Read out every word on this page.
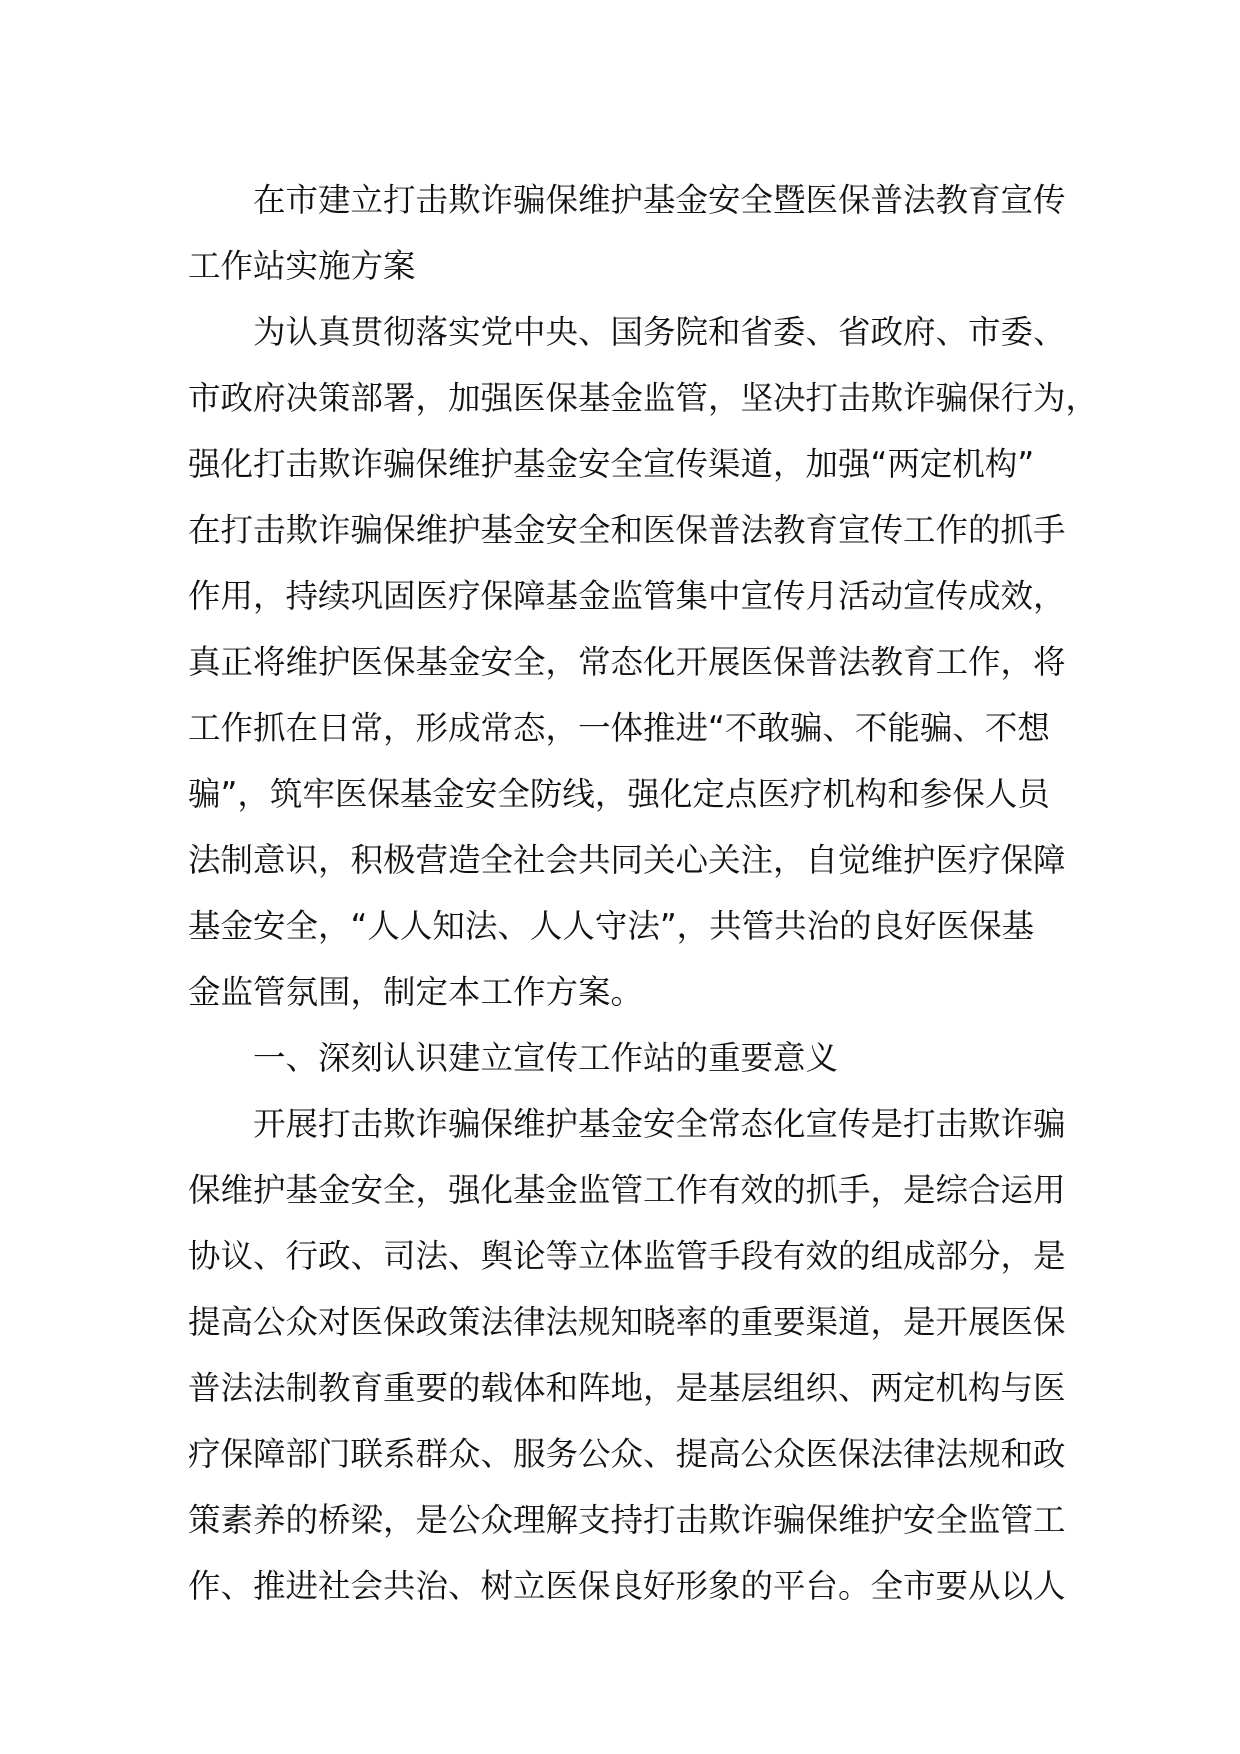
在市建立打击欺诈骗保维护基金安全暨医保普法教育宣传
工作站实施方案
为认真贯彻落实党中央、国务院和省委、省政府、市委、
市政府决策部署，加强医保基金监管，坚决打击欺诈骗保行为，
强化打击欺诈骗保维护基金安全宣传渠道，加强“两定机构”
在打击欺诈骗保维护基金安全和医保普法教育宣传工作的抓手
作用，持续巩固医疗保障基金监管集中宣传月活动宣传成效，
真正将维护医保基金安全，常态化开展医保普法教育工作，将
工作抓在日常，形成常态，一体推进“不敢骗、不能骗、不想
骗”，筑牢医保基金安全防线，强化定点医疗机构和参保人员
法制意识，积极营造全社会共同关心关注，自觉维护医疗保障
基金安全，“人人知法、人人守法”，共管共治的良好医保基
金监管氛围，制定本工作方案。
一、深刻认识建立宣传工作站的重要意义
开展打击欺诈骗保维护基金安全常态化宣传是打击欺诈骗
保维护基金安全，强化基金监管工作有效的抓手，是综合运用
协议、行政、司法、舆论等立体监管手段有效的组成部分，是
提高公众对医保政策法律法规知晓率的重要渠道，是开展医保
普法法制教育重要的载体和阵地，是基层组织、两定机构与医
疗保障部门联系群众、服务公众、提高公众医保法律法规和政
策素养的桥梁，是公众理解支持打击欺诈骗保维护安全监管工
作、推进社会共治、树立医保良好形象的平台。全市要从以人
